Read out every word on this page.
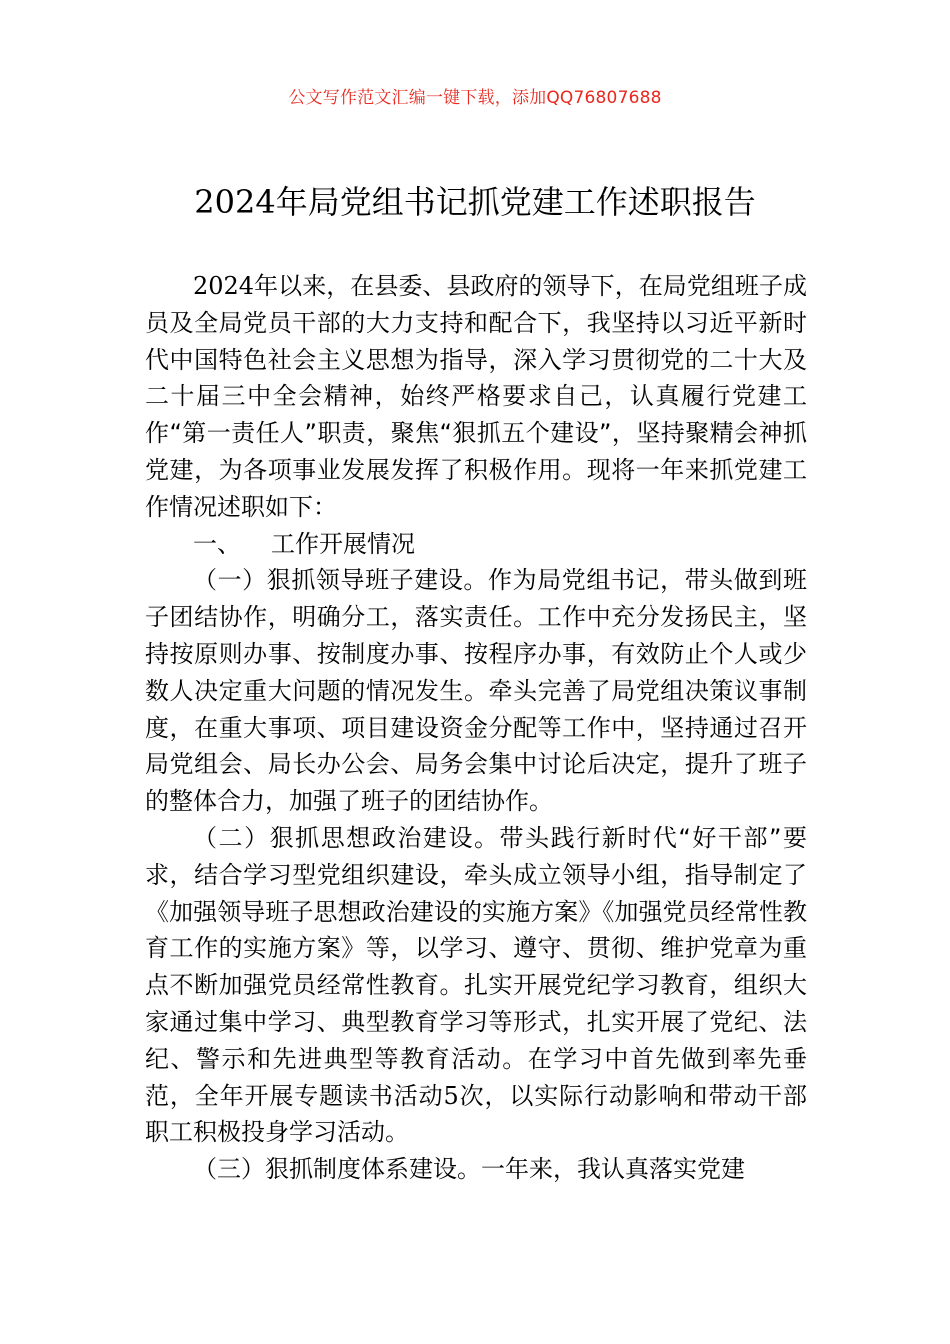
公文写作范文汇编一键下载，添加QQ76807688
2024年局党组书记抓党建工作述职报告

2024年以来，在县委、县政府的领导下，在局党组班子成员及全局党员干部的大力支持和配合下，我坚持以习近平新时代中国特色社会主义思想为指导，深入学习贯彻党的二十大及二十届三中全会精神，始终严格要求自己，认真履行党建工作“第一责任人”职责，聚焦“狠抓五个建设”，坚持聚精会神抓党建，为各项事业发展发挥了积极作用。现将一年来抓党建工作情况述职如下：

一、 工作开展情况

（一）狠抓领导班子建设。作为局党组书记，带头做到班子团结协作，明确分工，落实责任。工作中充分发扬民主，坚持按原则办事、按制度办事、按程序办事，有效防止个人或少数人决定重大问题的情况发生。牵头完善了局党组决策议事制度，在重大事项、项目建设资金分配等工作中，坚持通过召开局党组会、局长办公会、局务会集中讨论后决定，提升了班子的整体合力，加强了班子的团结协作。

（二）狠抓思想政治建设。带头践行新时代“好干部”要求，结合学习型党组织建设，牵头成立领导小组，指导制定了《加强领导班子思想政治建设的实施方案》《加强党员经常性教育工作的实施方案》等，以学习、遵守、贯彻、维护党章为重点不断加强党员经常性教育。扎实开展党纪学习教育，组织大家通过集中学习、典型教育学习等形式，扎实开展了党纪、法纪、警示和先进典型等教育活动。在学习中首先做到率先垂范，全年开展专题读书活动5次，以实际行动影响和带动干部职工积极投身学习活动。

（三）狠抓制度体系建设。一年来，我认真落实党建
